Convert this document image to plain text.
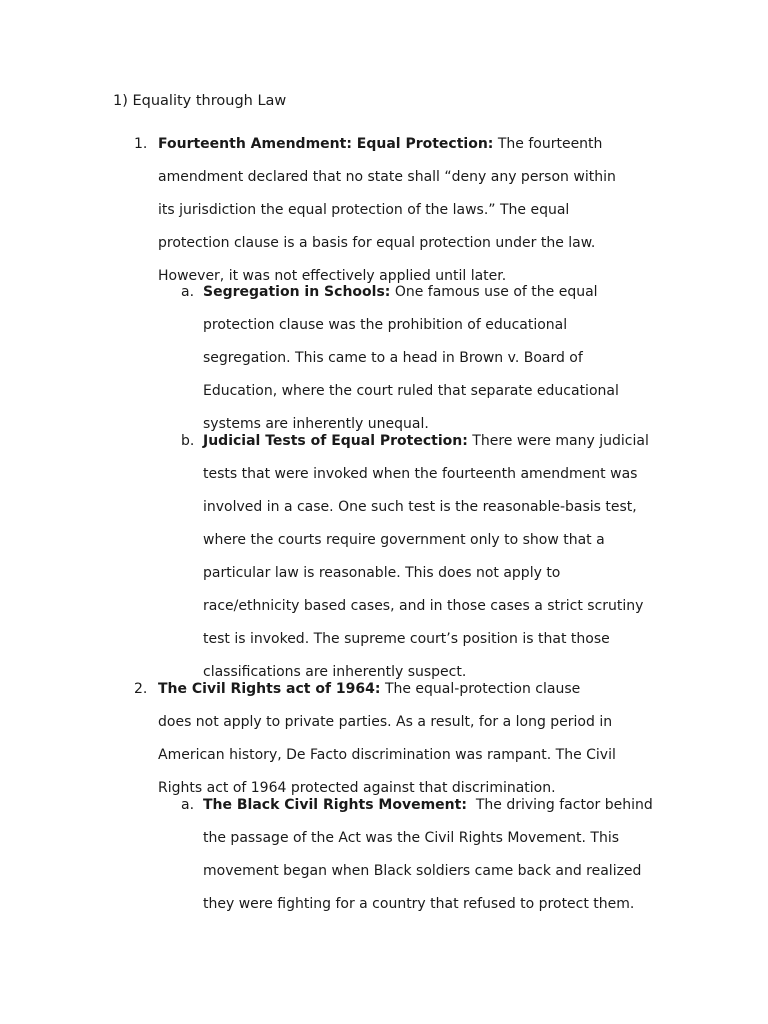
1) Equality through Law
1. Fourteenth Amendment: Equal Protection: The fourteenth amendment declared that no state shall “deny any person within its jurisdiction the equal protection of the laws.” The equal protection clause is a basis for equal protection under the law. However, it was not effectively applied until later.
a. Segregation in Schools: One famous use of the equal protection clause was the prohibition of educational segregation. This came to a head in Brown v. Board of Education, where the court ruled that separate educational systems are inherently unequal.
b. Judicial Tests of Equal Protection: There were many judicial tests that were invoked when the fourteenth amendment was involved in a case. One such test is the reasonable-basis test, where the courts require government only to show that a particular law is reasonable. This does not apply to race/ethnicity based cases, and in those cases a strict scrutiny test is invoked. The supreme court’s position is that those classifications are inherently suspect.
2. The Civil Rights act of 1964: The equal-protection clause does not apply to private parties. As a result, for a long period in American history, De Facto discrimination was rampant. The Civil Rights act of 1964 protected against that discrimination.
a. The Black Civil Rights Movement: The driving factor behind the passage of the Act was the Civil Rights Movement. This movement began when Black soldiers came back and realized they were fighting for a country that refused to protect them.
